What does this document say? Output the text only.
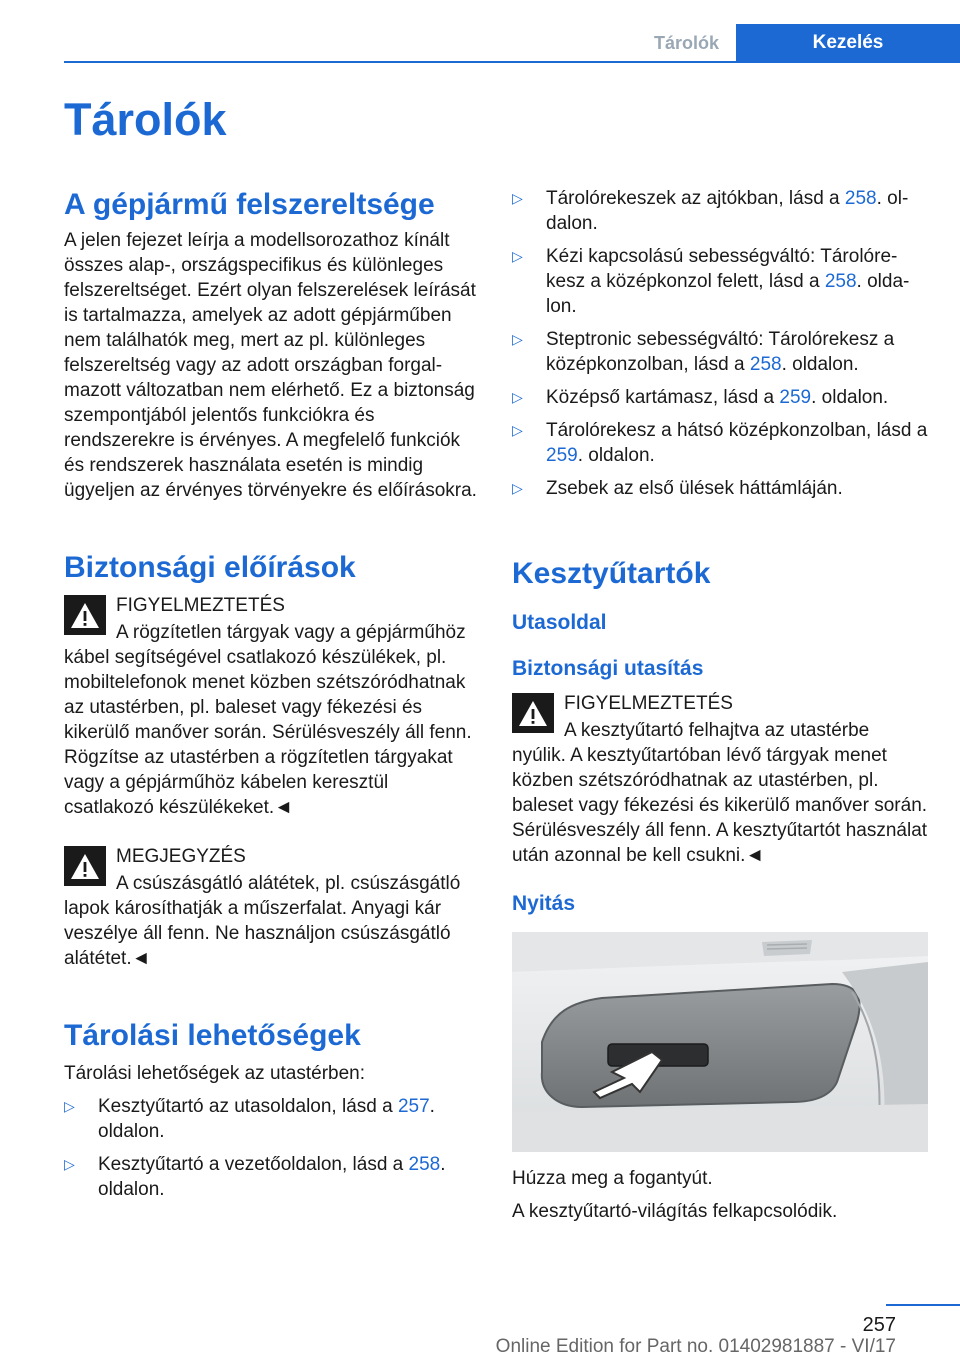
Tárolók	Kezelés
Tárolók
A gépjármű felszereltsége

A jelen fejezet leírja a modellsorozathoz kínált összes alap-, országspecifikus és különleges felszereltséget. Ezért olyan felszerelések leírását is tartalmazza, amelyek az adott gépjárműben nem találhatók meg, mert az pl. különleges felszereltség vagy az adott országban forgalmazott változatban nem elérhető. Ez a biztonság szempontjából jelentős funkciókra és rendszerekre is érvényes. A megfelelő funkciók és rendszerek használata esetén is mindig ügyeljen az érvényes törvényekre és előírásokra.

Biztonsági előírások
FIGYELMEZTETÉS
A rögzítetlen tárgyak vagy a gépjárműhöz

kábel segítségével csatlakozó készülékek, pl. mobiltelefonok menet közben szétszóródhatnak az utastérben, pl. baleset vagy fékezési és kikerülő manőver során. Sérülésveszély áll fenn. Rögzítse az utastérben a rögzítetlen tárgyakat vagy a gépjárműhöz kábelen keresztül csatlakozó készülékeket.◄

MEGJEGYZÉS
A csúszásgátló alátétek, pl. csúszásgátló

lapok károsíthatják a műszerfalat. Anyagi kár veszélye áll fenn. Ne használjon csúszásgátló alátétet.◄

Tárolási lehetőségek

Tárolási lehetőségek az utastérben:

▷ Kesztyűtartó az utasoldalon, lásd a 257. oldalon.
▷ Kesztyűtartó a vezetőoldalon, lásd a 258. oldalon.
▷ Tárolórekeszek az ajtókban, lásd a 258. oldalon.
▷ Kézi kapcsolású sebességváltó: Tárolórekesz a középkonzol felett, lásd a 258. oldalon.
▷ Steptronic sebességváltó: Tárolórekesz a középkonzolban, lásd a 258. oldalon.
▷ Középső kartámasz, lásd a 259. oldalon.
▷ Tárolórekesz a hátsó középkonzolban, lásd a 259. oldalon.
▷ Zsebek az első ülések háttámláján.
Kesztyűtartók
Utasoldal
Biztonsági utasítás
FIGYELMEZTETÉS
A kesztyűtartó felhajtva az utastérbe

nyúlik. A kesztyűtartóban lévő tárgyak menet közben szétszóródhatnak az utastérben, pl. baleset vagy fékezési és kikerülő manőver során. Sérülésveszély áll fenn. A kesztyűtartót használat után azonnal be kell csukni.◄

Nyitás

Húzza meg a fogantyút.

A kesztyűtartó-világítás felkapcsolódik.

257
Online Edition for Part no. 01402981887 - VI/17
